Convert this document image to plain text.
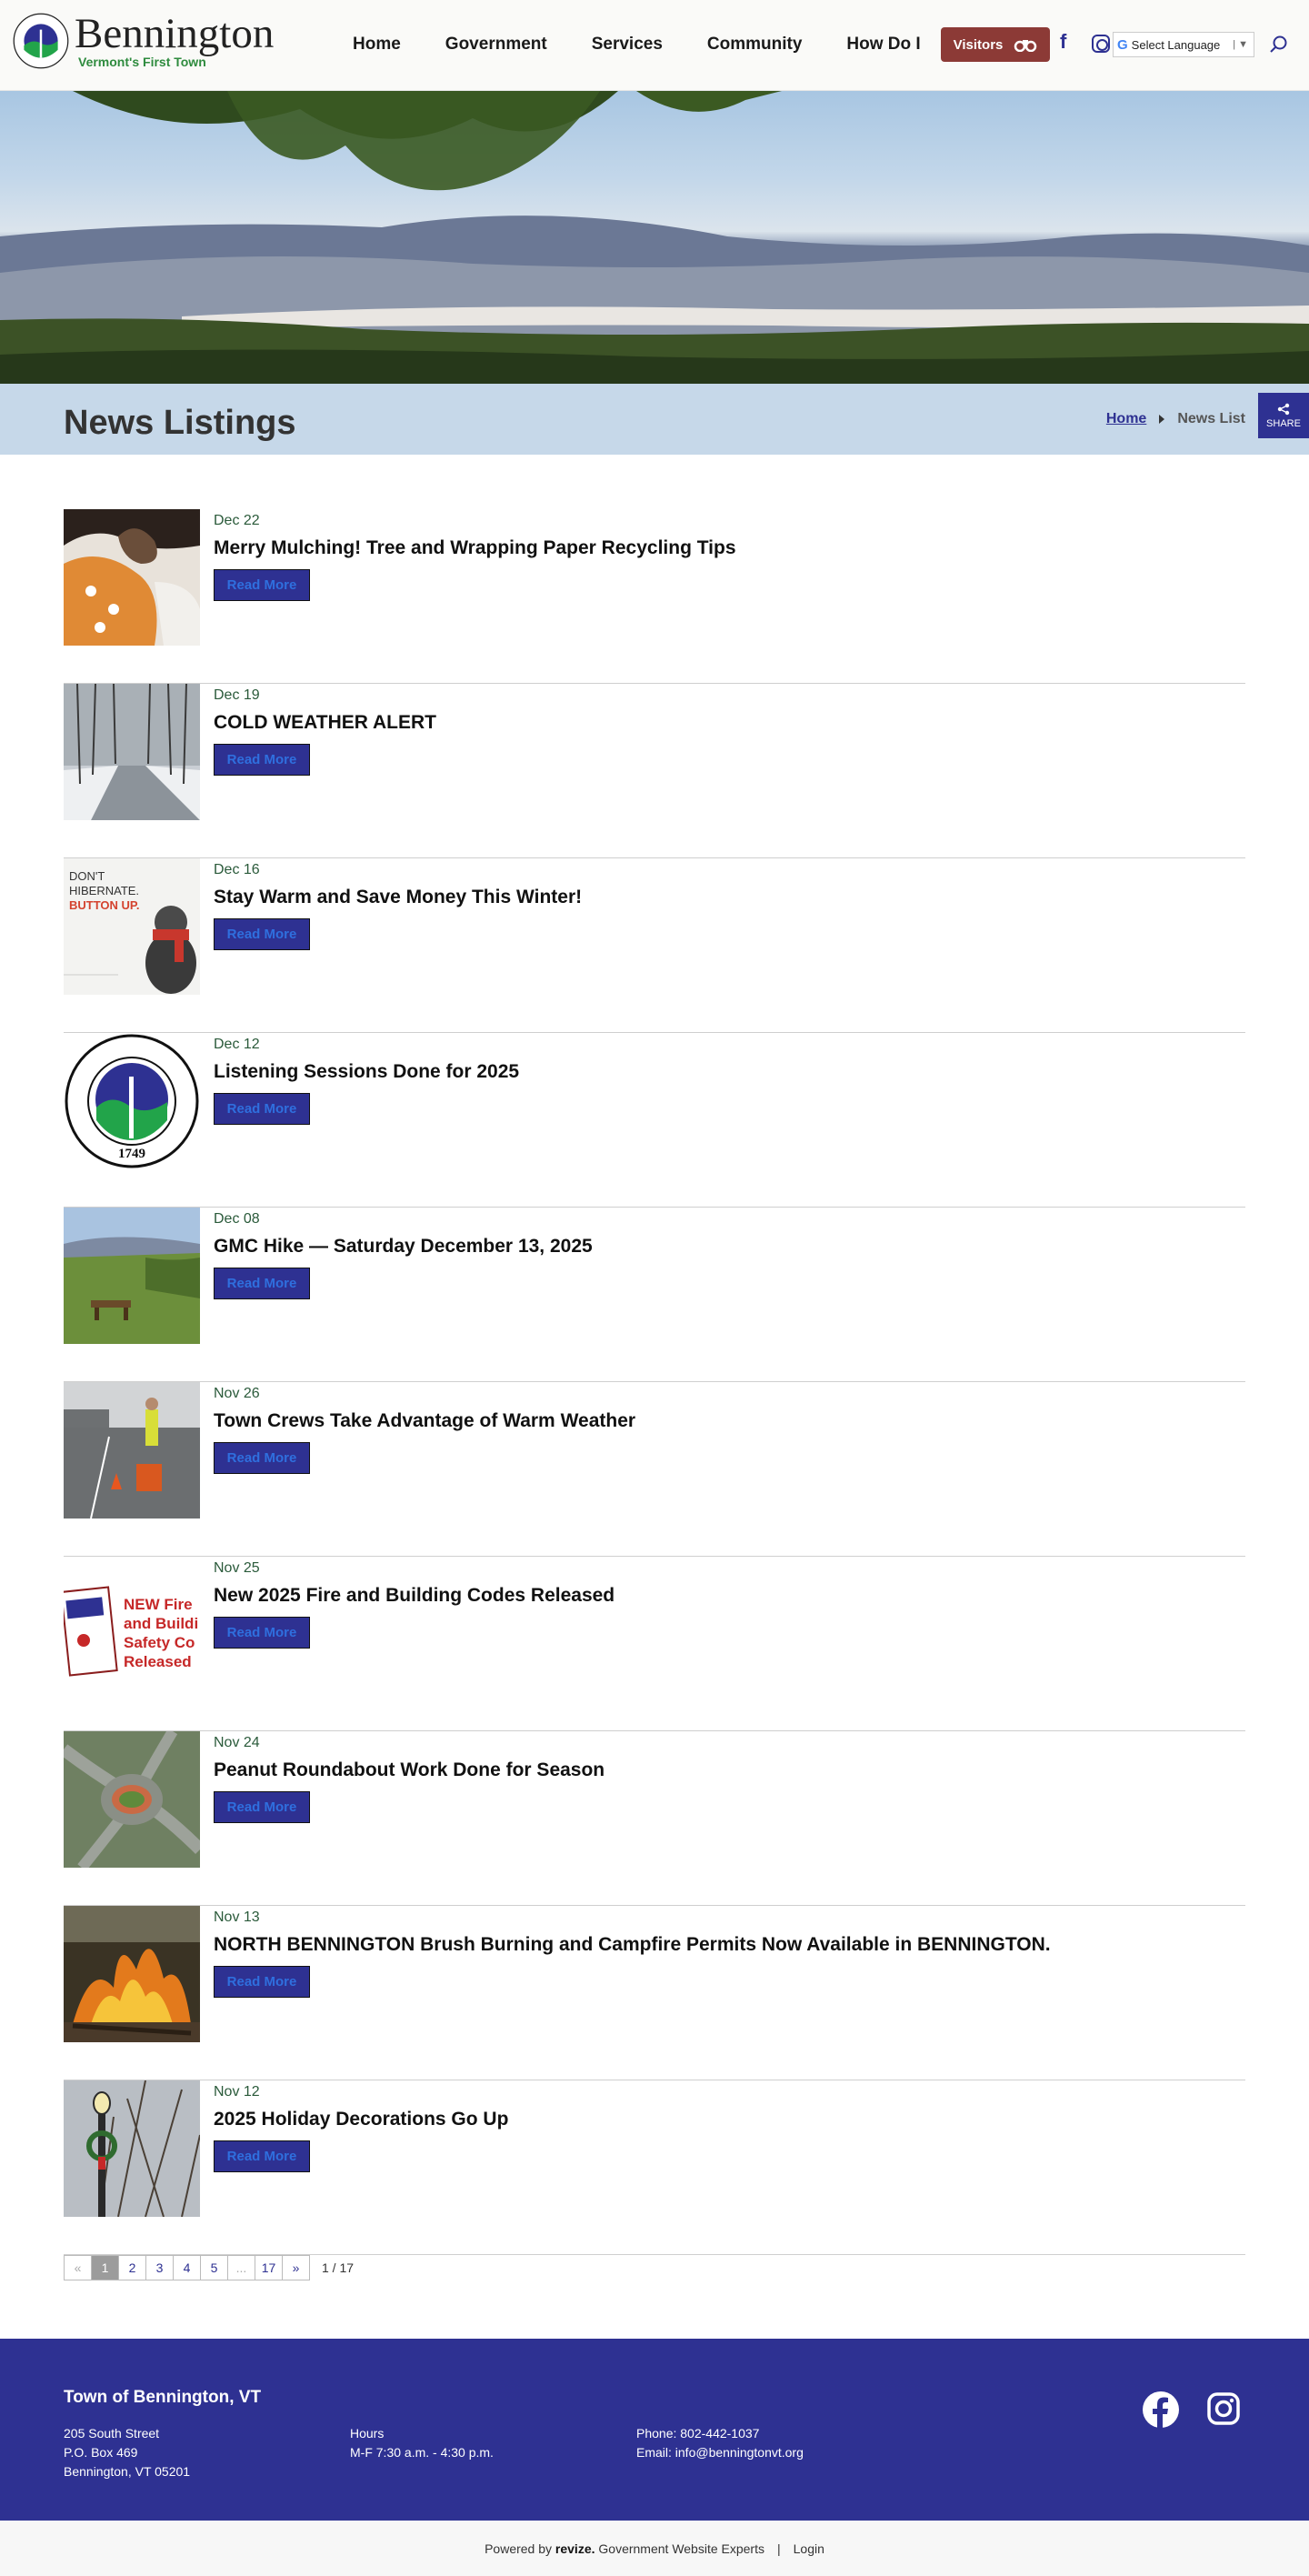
Bennington
Vermont's First Town
Home	Government	Services	Community	How Do I Visitors	f	G Select Language | ▼
News Listings	Home News List SHARE
Dec 22
Merry Mulching! Tree and Wrapping Paper Recycling Tips
Read More
Dec 19
COLD WEATHER ALERT
Read More
DON'T
HIBERNATE.
BUTTON UP.
Dec 16
Stay Warm and Save Money This Winter!
Read More
1749
Dec 12
Listening Sessions Done for 2025
Read More
Dec 08
GMC Hike — Saturday December 13, 2025
Read More
Nov 26
Town Crews Take Advantage of Warm Weather
Read More
NEW Fire
and Buildi
Safety Co
Released
Nov 25
New 2025 Fire and Building Codes Released
Read More
Nov 24
Peanut Roundabout Work Done for Season
Read More
Nov 13
NORTH BENNINGTON Brush Burning and Campfire Permits Now Available in BENNINGTON.
Read More
Nov 12
2025 Holiday Decorations Go Up
Read More
«	1	2	3	4	5	...	17	»	1 / 17
Town of Bennington, VT
205 South Street
P.O. Box 469
Bennington, VT 05201
Hours
M-F 7:30 a.m. - 4:30 p.m.
Phone: 802-442-1037
Email: info@benningtonvt.org
Powered by
revize.
Government Website Experts | Login
